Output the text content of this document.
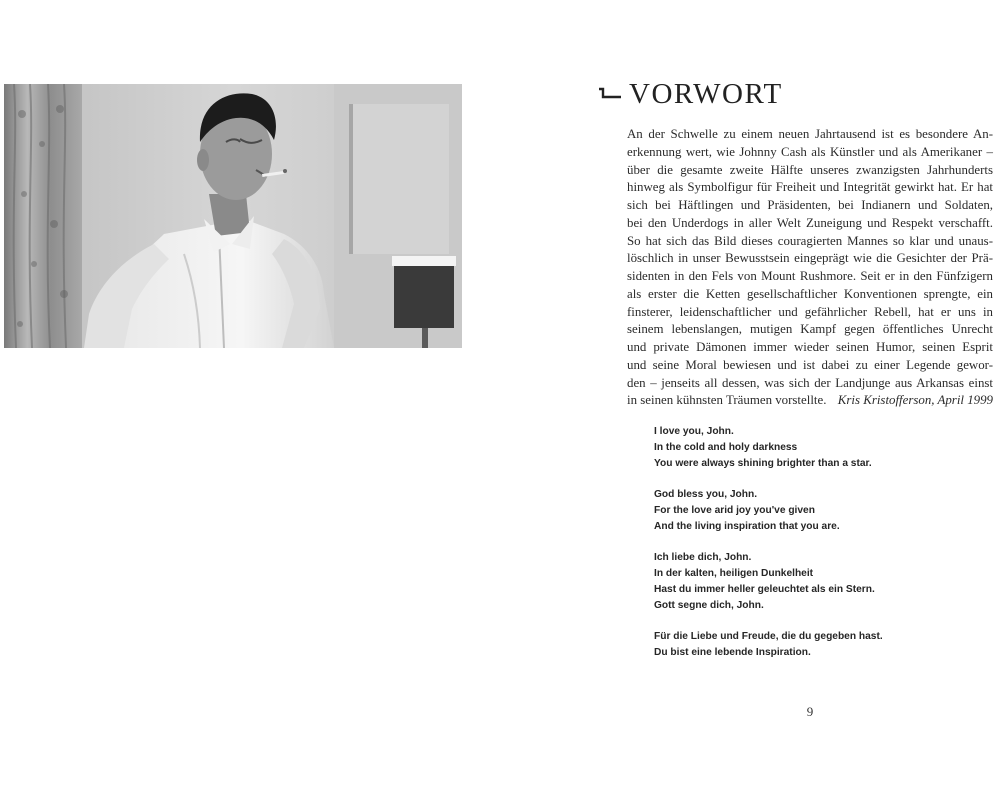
VORWORT
An der Schwelle zu einem neuen Jahrtausend ist es besondere An-
erkennung wert, wie Johnny Cash als Künstler und als Amerikaner –
über die gesamte zweite Hälfte unseres zwanzigsten Jahrhunderts
hinweg als Symbolfigur für Freiheit und Integrität gewirkt hat. Er hat
sich bei Häftlingen und Präsidenten, bei Indianern und Soldaten,
bei den Underdogs in aller Welt Zuneigung und Respekt verschafft.
So hat sich das Bild dieses couragierten Mannes so klar und unaus-
löschlich in unser Bewusstsein eingeprägt wie die Gesichter der Prä-
sidenten in den Fels von Mount Rushmore. Seit er in den Fünfzigern
als erster die Ketten gesellschaftlicher Konventionen sprengte, ein
finsterer, leidenschaftlicher und gefährlicher Rebell, hat er uns in
seinem lebenslangen, mutigen Kampf gegen öffentliches Unrecht
und private Dämonen immer wieder seinen Humor, seinen Esprit
und seine Moral bewiesen und ist dabei zu einer Legende gewor-
den – jenseits all dessen, was sich der Landjunge aus Arkansas einst
in seinen kühnsten Träumen vorstellte. Kris Kristofferson, April 1999
I love you, John.
In the cold and holy darkness
You were always shining brighter than a star.
God bless you, John.
For the love arid joy you've given
And the living inspiration that you are.
Ich liebe dich, John.
In der kalten, heiligen Dunkelheit
Hast du immer heller geleuchtet als ein Stern.
Gott segne dich, John.
Für die Liebe und Freude, die du gegeben hast.
Du bist eine lebende Inspiration.
9
